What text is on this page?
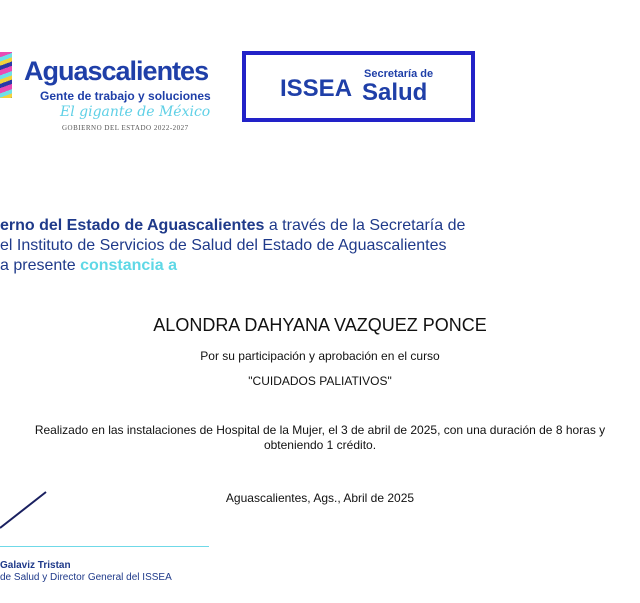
Aguascalientes
Gente de trabajo y soluciones
El gigante de México
GOBIERNO DEL ESTADO 2022-2027
ISSEA
Secretaría de
Salud
erno del Estado de Aguascalientes a través de la Secretaría de
el Instituto de Servicios de Salud del Estado de Aguascalientes
a presente constancia a
ALONDRA DAHYANA VAZQUEZ PONCE
Por su participación y aprobación en el curso
"CUIDADOS PALIATIVOS"
Realizado en las instalaciones de Hospital de la Mujer, el 3 de abril de 2025, con una duración de 8 horas y
obteniendo 1 crédito.
Aguascalientes, Ags., Abril de 2025
Galaviz Tristan
de Salud y Director General del ISSEA
